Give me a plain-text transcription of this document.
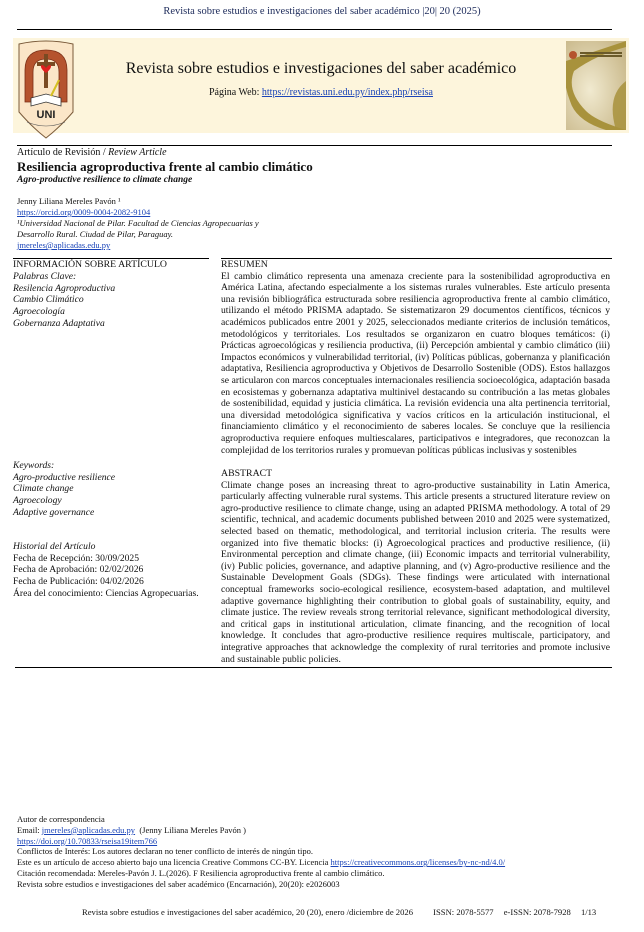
Revista sobre estudios e investigaciones del saber académico |20| 20 (2025)
UNI
Revista sobre estudios e investigaciones del saber académico
Página Web: https://revistas.uni.edu.py/index.php/rseisa
Artículo de Revisión / Review Article
Resiliencia agroproductiva frente al cambio climático
Agro-productive resilience to climate change
Jenny Liliana Mereles Pavón ¹
https://orcid.org/0009-0004-2082-9104
¹Universidad Nacional de Pilar. Facultad de Ciencias Agropecuarias y
Desarrollo Rural. Ciudad de Pilar, Paraguay.
jmereles@aplicadas.edu.py
INFORMACIÓN SOBRE ARTÍCULO
Palabras Clave:
Resilencia Agroproductiva
Cambio Climático
Agroecología
Gobernanza Adaptativa
Keywords:
Agro-productive resilience
Climate change
Agroecology
Adaptive governance
Historial del Artículo
Fecha de Recepción: 30/09/2025
Fecha de Aprobación: 02/02/2026
Fecha de Publicación: 04/02/2026
Área del conocimiento: Ciencias Agropecuarias.
RESUMEN

El cambio climático representa una amenaza creciente para la sostenibilidad agroproductiva en América Latina, afectando especialmente a los sistemas rurales vulnerables. Este artículo presenta una revisión bibliográfica estructurada sobre resiliencia agroproductiva frente al cambio climático, utilizando el método PRISMA adaptado. Se sistematizaron 29 documentos científicos, técnicos y académicos publicados entre 2001 y 2025, seleccionados mediante criterios de inclusión temáticos, metodológicos y territoriales. Los resultados se organizaron en cuatro bloques temáticos: (i) Prácticas agroecológicas y resiliencia productiva, (ii) Percepción ambiental y cambio climático (iii) Impactos económicos y vulnerabilidad territorial, (iv) Políticas públicas, gobernanza y planificación adaptativa, Resiliencia agroproductiva y Objetivos de Desarrollo Sostenible (ODS). Estos hallazgos se articularon con marcos conceptuales internacionales resiliencia socioecológica, adaptación basada en ecosistemas y gobernanza adaptativa multinivel destacando su contribución a las metas globales de sostenibilidad, equidad y justicia climática. La revisión evidencia una alta pertinencia territorial, una diversidad metodológica significativa y vacíos críticos en la articulación institucional, el financiamiento climático y el reconocimiento de saberes locales. Se concluye que la resiliencia agroproductiva requiere enfoques multiescalares, participativos e integradores, que reconozcan la complejidad de los territorios rurales y promuevan políticas públicas inclusivas y sostenibles

ABSTRACT

Climate change poses an increasing threat to agro-productive sustainability in Latin America, particularly affecting vulnerable rural systems. This article presents a structured literature review on agro-productive resilience to climate change, using an adapted PRISMA methodology. A total of 29 scientific, technical, and academic documents published between 2010 and 2025 were systematized, selected based on thematic, methodological, and territorial inclusion criteria. The results were organized into five thematic blocks: (i) Agroecological practices and productive resilience, (ii) Environmental perception and climate change, (iii) Economic impacts and territorial vulnerability, (iv) Public policies, governance, and adaptive planning, and (v) Agro-productive resilience and the Sustainable Development Goals (SDGs). These findings were articulated with international conceptual frameworks socio-ecological resilience, ecosystem-based adaptation, and multilevel adaptive governance highlighting their contribution to global goals of sustainability, equity, and climate justice. The review reveals strong territorial relevance, significant methodological diversity, and critical gaps in institutional articulation, climate financing, and the recognition of local knowledge. It concludes that agro-productive resilience requires multiscale, participatory, and integrative approaches that acknowledge the complexity of rural territories and promote inclusive and sustainable public policies.

Autor de correspondencia
Email: jmereles@aplicadas.edu.py  (Jenny Liliana Mereles Pavón )
https://doi.org/10.70833/rseisa19item766
Conflictos de Interés: Los autores declaran no tener conflicto de interés de ningún tipo.
Este es un artículo de acceso abierto bajo una licencia Creative Commons CC-BY. Licencia https://creativecommons.org/licenses/by-nc-nd/4.0/
Citación recomendada: Mereles-Pavón J. L.(2026). F Resiliencia agroproductiva frente al cambio climático.
Revista sobre estudios e investigaciones del saber académico (Encarnación), 20(20): e2026003
Revista sobre estudios e investigaciones del saber académico, 20 (20), enero /diciembre de 2026 ISSN: 2078-5577 e-ISSN: 2078-7928 1/13
